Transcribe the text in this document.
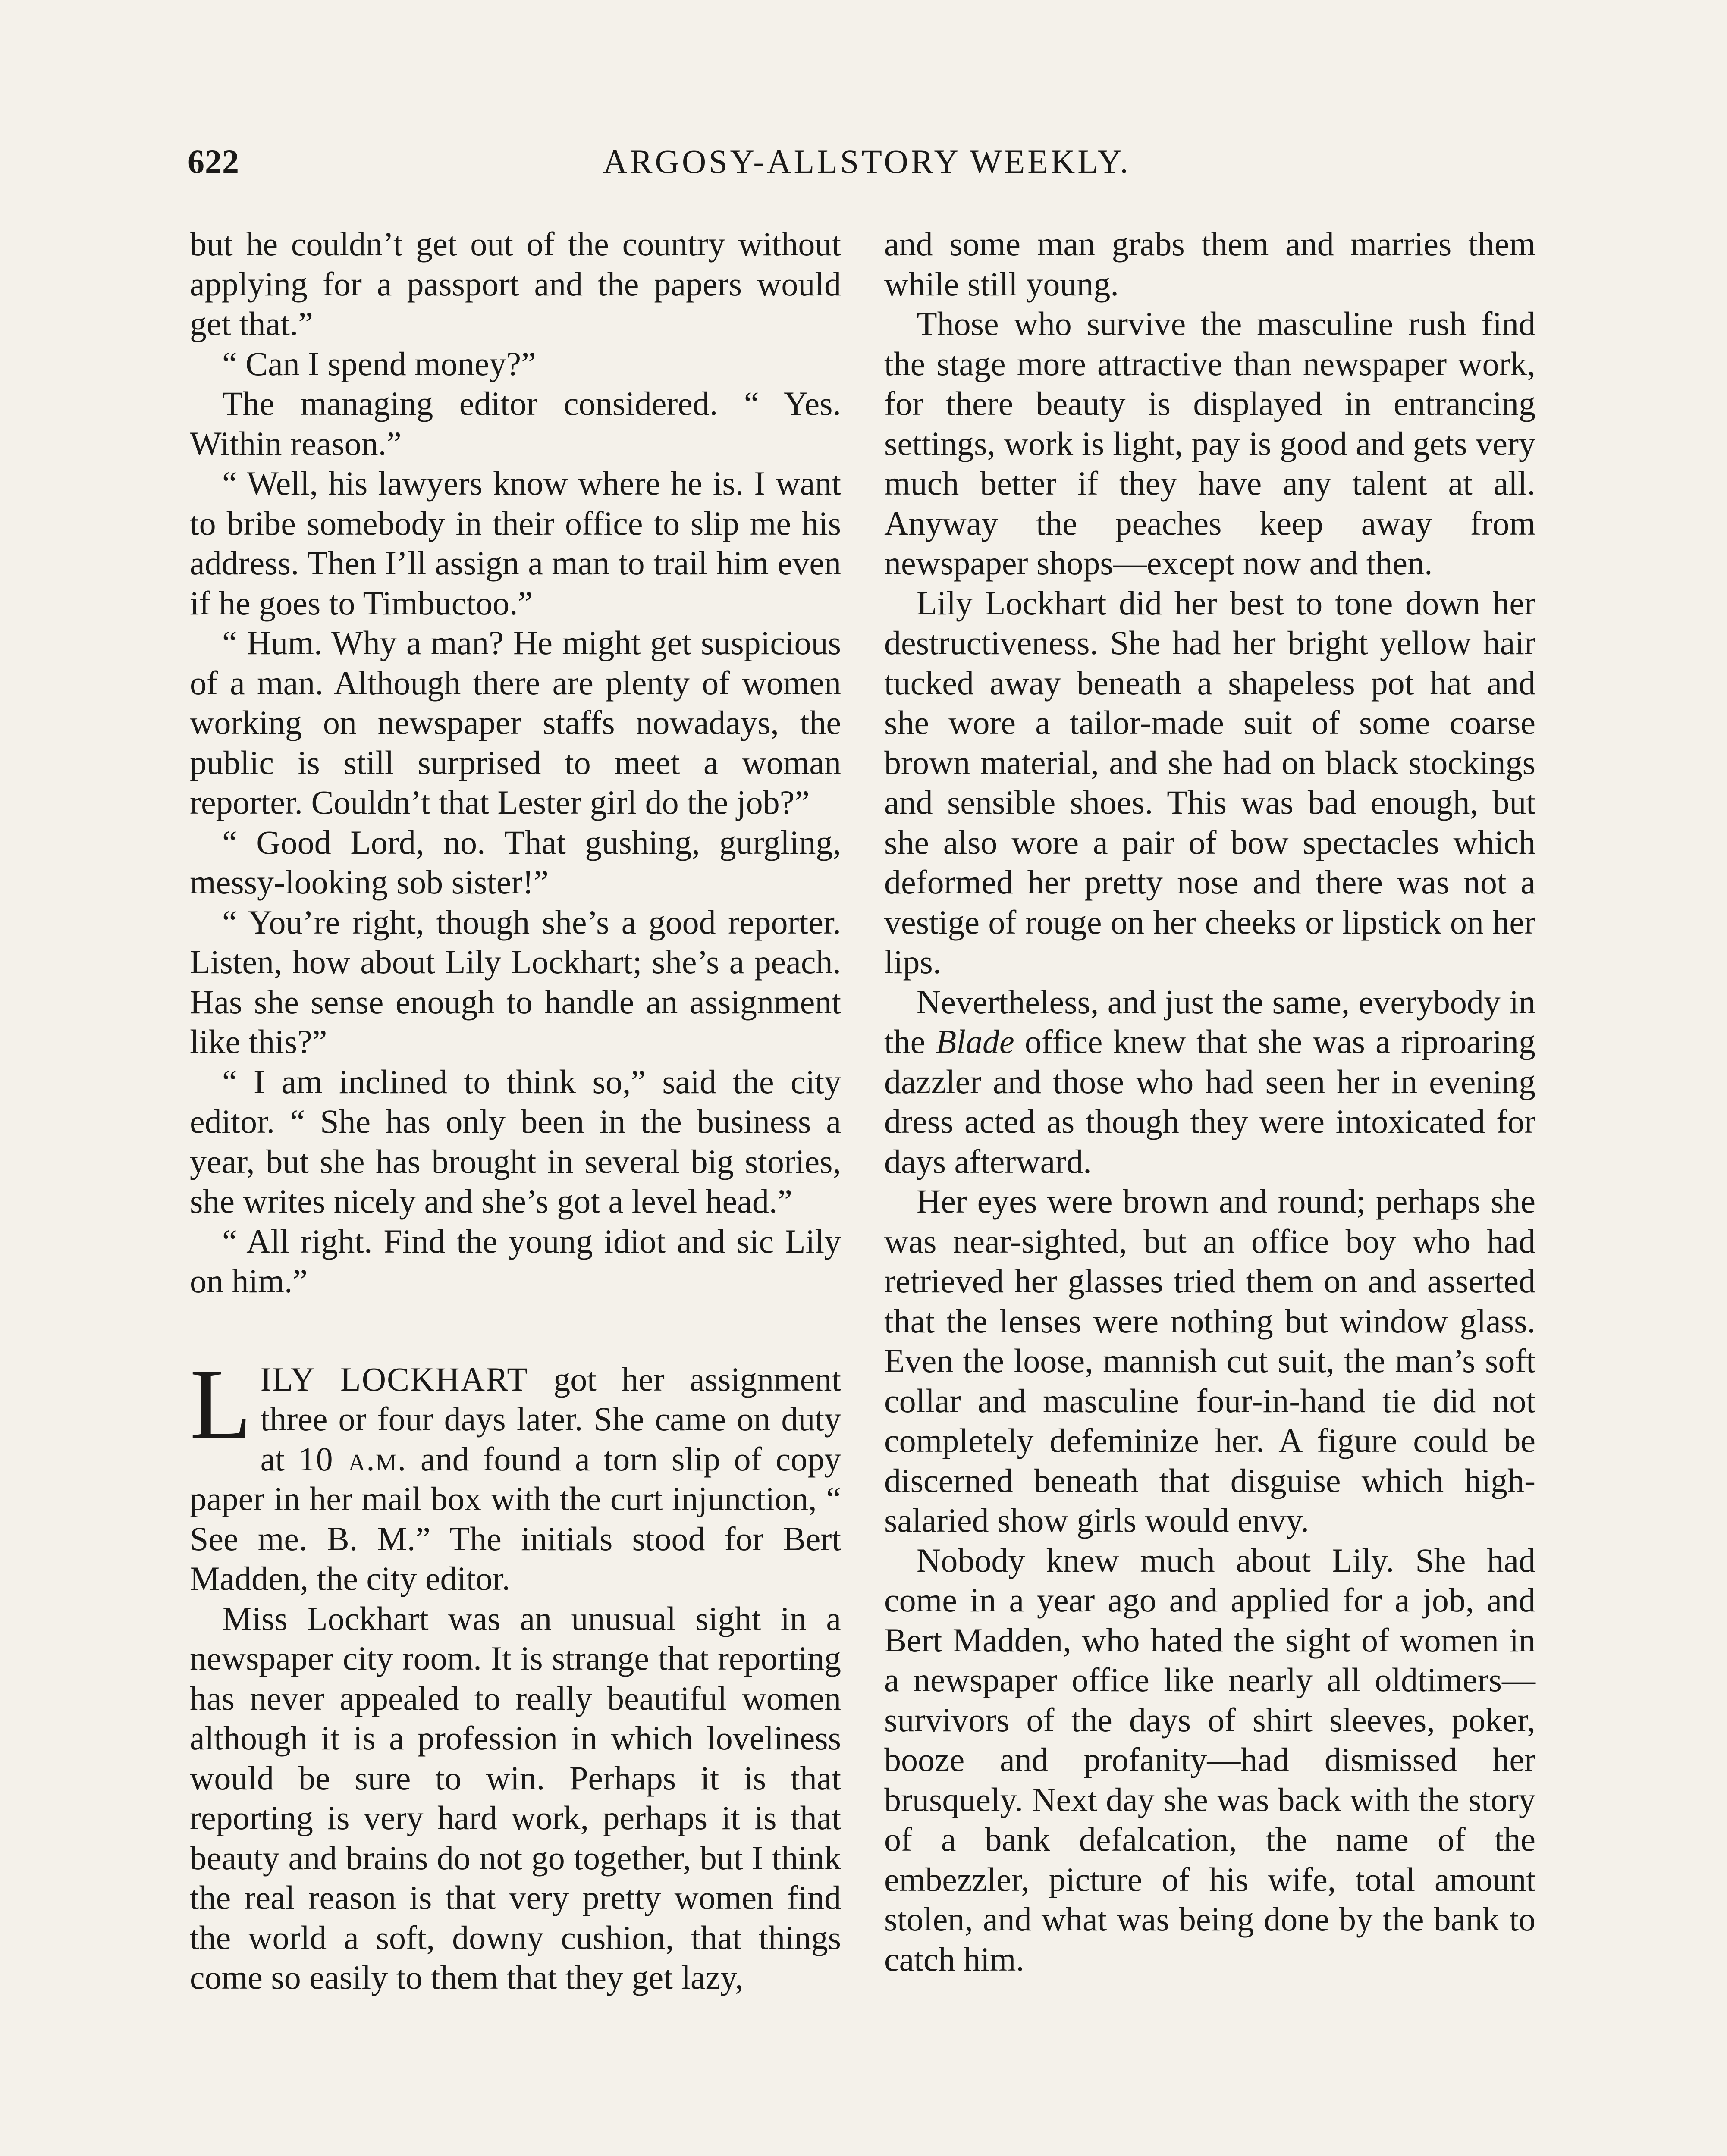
622	ARGOSY-ALLSTORY WEEKLY.

but he couldn’t get out of the country without applying for a passport and the papers would get that.”

“ Can I spend money?”

The managing editor considered. “ Yes. Within reason.”

“ Well, his lawyers know where he is. I want to bribe somebody in their office to slip me his address. Then I’ll assign a man to trail him even if he goes to Timbuctoo.”

“ Hum. Why a man? He might get suspicious of a man. Although there are plenty of women working on newspaper staffs nowadays, the public is still surprised to meet a woman reporter. Couldn’t that Lester girl do the job?”

“ Good Lord, no. That gushing, gurgling, messy-looking sob sister!”

“ You’re right, though she’s a good reporter. Listen, how about Lily Lockhart; she’s a peach. Has she sense enough to handle an assignment like this?”

“ I am inclined to think so,” said the city editor. “ She has only been in the business a year, but she has brought in several big stories, she writes nicely and she’s got a level head.”

“ All right. Find the young idiot and sic Lily on him.”

LILY LOCKHART got her assignment three or four days later. She came on duty at 10 a.m. and found a torn slip of copy paper in her mail box with the curt injunction, “ See me. B. M.” The initials stood for Bert Madden, the city editor.

Miss Lockhart was an unusual sight in a newspaper city room. It is strange that reporting has never appealed to really beautiful women although it is a profession in which loveliness would be sure to win. Perhaps it is that reporting is very hard work, perhaps it is that beauty and brains do not go together, but I think the real reason is that very pretty women find the world a soft, downy cushion, that things come so easily to them that they get lazy,

and some man grabs them and marries them while still young.

Those who survive the masculine rush find the stage more attractive than newspaper work, for there beauty is displayed in entrancing settings, work is light, pay is good and gets very much better if they have any talent at all. Anyway the peaches keep away from newspaper shops—except now and then.

Lily Lockhart did her best to tone down her destructiveness. She had her bright yellow hair tucked away beneath a shapeless pot hat and she wore a tailor-made suit of some coarse brown material, and she had on black stockings and sensible shoes. This was bad enough, but she also wore a pair of bow spectacles which deformed her pretty nose and there was not a vestige of rouge on her cheeks or lipstick on her lips.

Nevertheless, and just the same, everybody in the Blade office knew that she was a riproaring dazzler and those who had seen her in evening dress acted as though they were intoxicated for days afterward.

Her eyes were brown and round; perhaps she was near-sighted, but an office boy who had retrieved her glasses tried them on and asserted that the lenses were nothing but window glass. Even the loose, mannish cut suit, the man’s soft collar and masculine four-in-hand tie did not completely defeminize her. A figure could be discerned beneath that disguise which high-salaried show girls would envy.

Nobody knew much about Lily. She had come in a year ago and applied for a job, and Bert Madden, who hated the sight of women in a newspaper office like nearly all oldtimers—survivors of the days of shirt sleeves, poker, booze and profanity—had dismissed her brusquely. Next day she was back with the story of a bank defalcation, the name of the embezzler, picture of his wife, total amount stolen, and what was being done by the bank to catch him.
